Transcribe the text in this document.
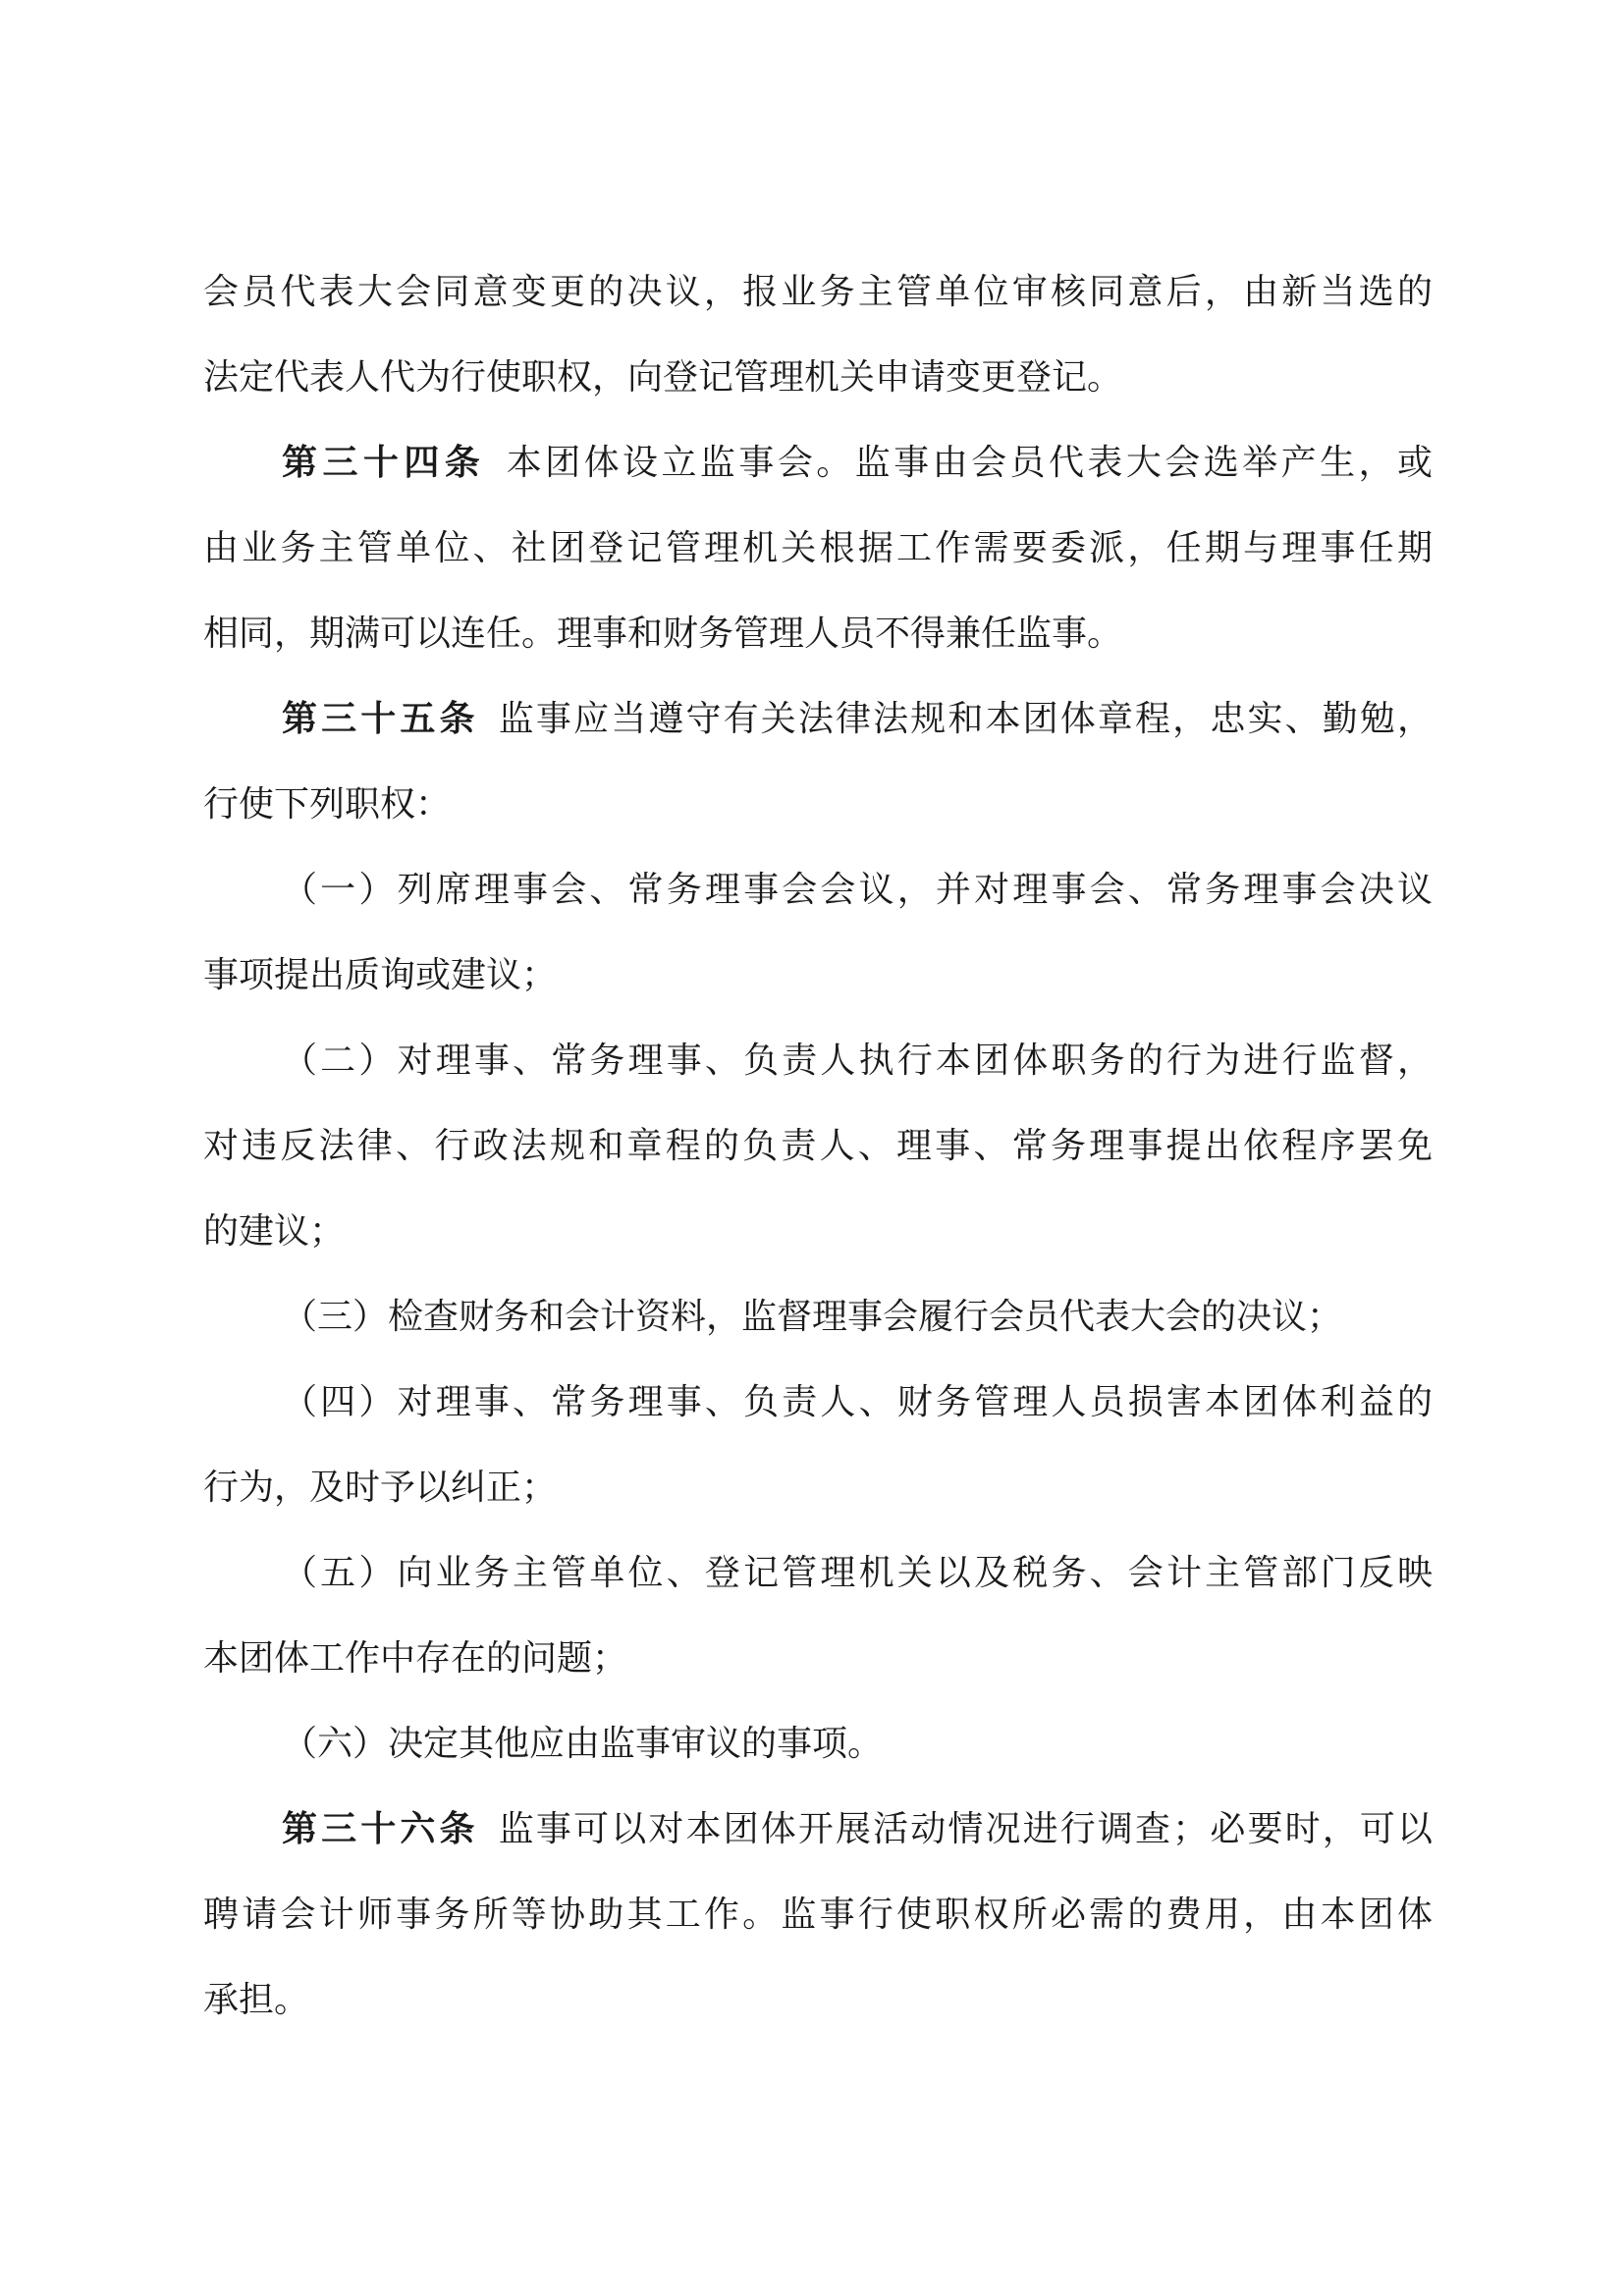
会员代表大会同意变更的决议，报业务主管单位审核同意后，由新当选的
法定代表人代为行使职权，向登记管理机关申请变更登记。
第三十四条 本团体设立监事会。监事由会员代表大会选举产生，或
由业务主管单位、社团登记管理机关根据工作需要委派，任期与理事任期
相同，期满可以连任。理事和财务管理人员不得兼任监事。
第三十五条 监事应当遵守有关法律法规和本团体章程，忠实、勤勉，
行使下列职权：
（一）列席理事会、常务理事会会议，并对理事会、常务理事会决议
事项提出质询或建议；
（二）对理事、常务理事、负责人执行本团体职务的行为进行监督，
对违反法律、行政法规和章程的负责人、理事、常务理事提出依程序罢免
的建议；
（三）检查财务和会计资料，监督理事会履行会员代表大会的决议；
（四）对理事、常务理事、负责人、财务管理人员损害本团体利益的
行为，及时予以纠正；
（五）向业务主管单位、登记管理机关以及税务、会计主管部门反映
本团体工作中存在的问题；
（六）决定其他应由监事审议的事项。
第三十六条 监事可以对本团体开展活动情况进行调查；必要时，可以
聘请会计师事务所等协助其工作。监事行使职权所必需的费用，由本团体
承担。
